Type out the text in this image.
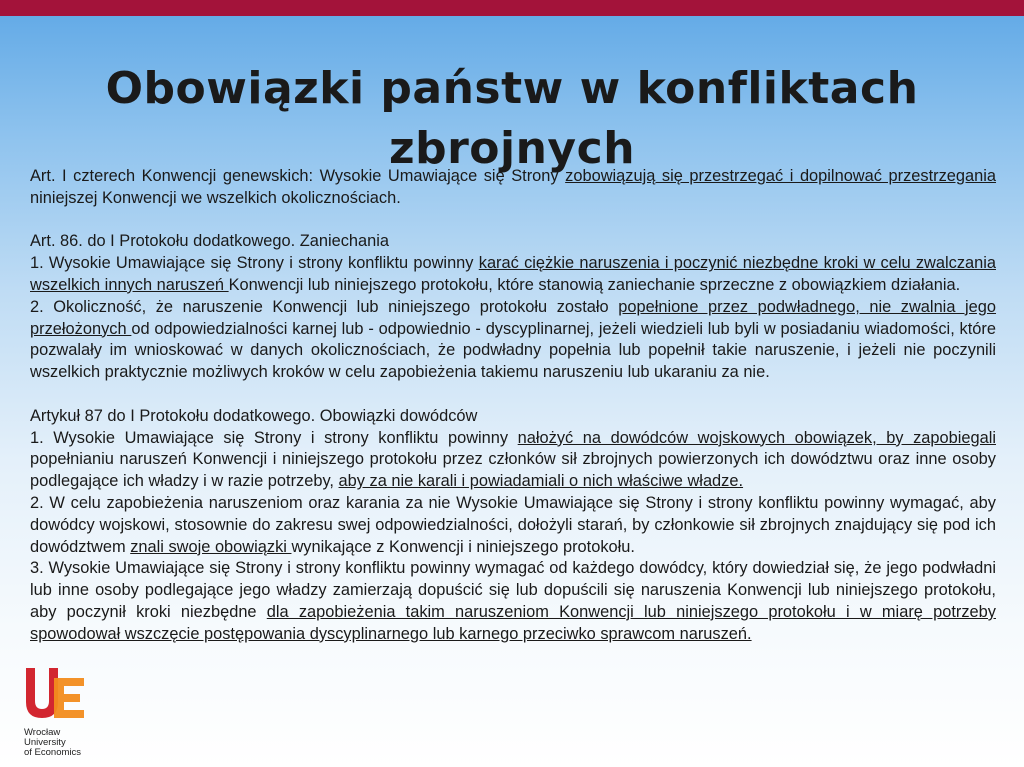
Obowiązki państw w konfliktach zbrojnych

Art. I czterech Konwencji genewskich: Wysokie Umawiające się Strony zobowiązują się przestrzegać i dopilnować przestrzegania niniejszej Konwencji we wszelkich okolicznościach.

Art. 86. do I Protokołu dodatkowego. Zaniechania

1. Wysokie Umawiające się Strony i strony konfliktu powinny karać ciężkie naruszenia i poczynić niezbędne kroki w celu zwalczania wszelkich innych naruszeń Konwencji lub niniejszego protokołu, które stanowią zaniechanie sprzeczne z obowiązkiem działania.

2. Okoliczność, że naruszenie Konwencji lub niniejszego protokołu zostało popełnione przez podwładnego, nie zwalnia jego przełożonych od odpowiedzialności karnej lub - odpowiednio - dyscyplinarnej, jeżeli wiedzieli lub byli w posiadaniu wiadomości, które pozwalały im wnioskować w danych okolicznościach, że podwładny popełnia lub popełnił takie naruszenie, i jeżeli nie poczynili wszelkich praktycznie możliwych kroków w celu zapobieżenia takiemu naruszeniu lub ukaraniu za nie.

Artykuł 87 do I Protokołu dodatkowego. Obowiązki dowódców

1. Wysokie Umawiające się Strony i strony konfliktu powinny nałożyć na dowódców wojskowych obowiązek, by zapobiegali popełnianiu naruszeń Konwencji i niniejszego protokołu przez członków sił zbrojnych powierzonych ich dowództwu oraz inne osoby podlegające ich władzy i w razie potrzeby, aby za nie karali i powiadamiali o nich właściwe władze.

2. W celu zapobieżenia naruszeniom oraz karania za nie Wysokie Umawiające się Strony i strony konfliktu powinny wymagać, aby dowódcy wojskowi, stosownie do zakresu swej odpowiedzialności, dołożyli starań, by członkowie sił zbrojnych znajdujący się pod ich dowództwem znali swoje obowiązki wynikające z Konwencji i niniejszego protokołu.

3. Wysokie Umawiające się Strony i strony konfliktu powinny wymagać od każdego dowódcy, który dowiedział się, że jego podwładni lub inne osoby podlegające jego władzy zamierzają dopuścić się lub dopuścili się naruszenia Konwencji lub niniejszego protokołu, aby poczynił kroki niezbędne dla zapobieżenia takim naruszeniom Konwencji lub niniejszego protokołu i w miarę potrzeby spowodował wszczęcie postępowania dyscyplinarnego lub karnego przeciwko sprawcom naruszeń.

Wrocław
University
of Economics
